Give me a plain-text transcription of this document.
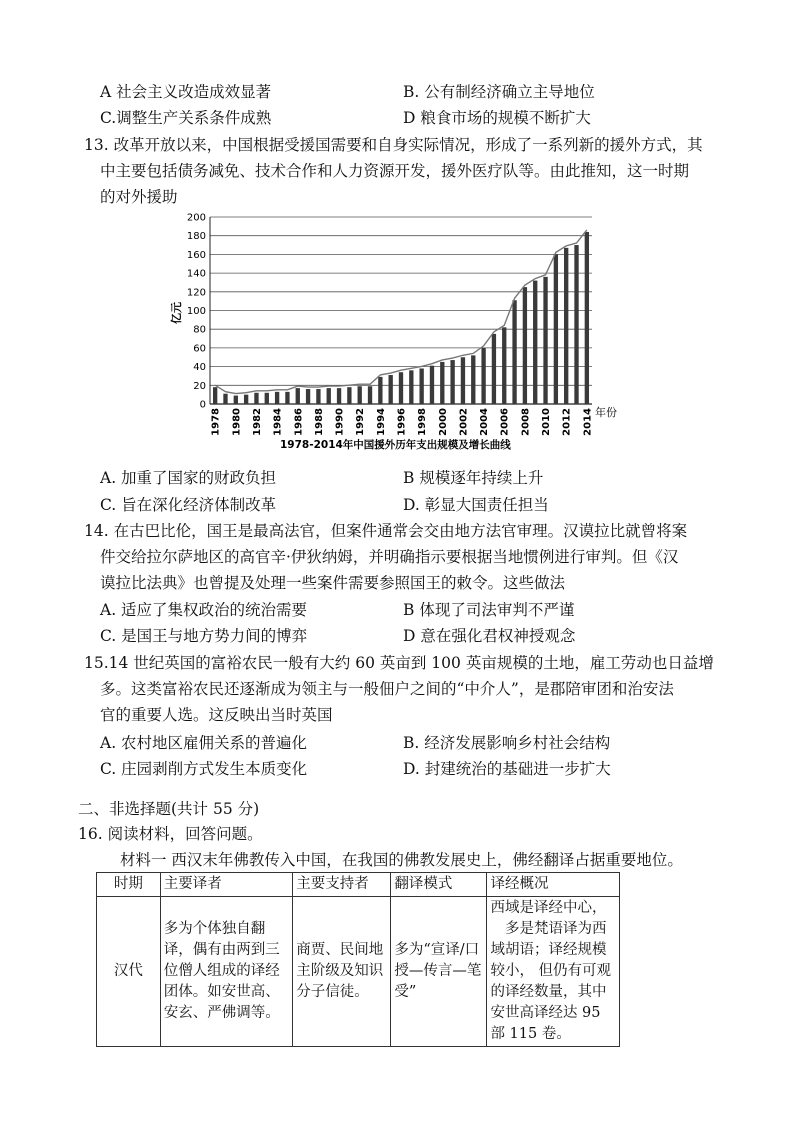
A 社会主义改造成效显著	B. 公有制经济确立主导地位
C.调整生产关系条件成熟	D 粮食市场的规模不断扩大
13. 改革开放以来，中国根据受援国需要和自身实际情况，形成了一系列新的援外方式，其
中主要包括债务减免、技术合作和人力资源开发，援外医疗队等。由此推知，这一时期
的对外援助
0
20
40
60
80
100
120
140
160
180
200
1978 1980 1982 1984 1986 1988 1990 1992 1994 1996 1998 2000 2002 2004 2006 2008 2010 2012 2014
亿元
年份
1978-2014年中国援外历年支出规模及增长曲线
A. 加重了国家的财政负担	B 规模逐年持续上升
C. 旨在深化经济体制改革	D. 彰显大国责任担当
14. 在古巴比伦，国王是最高法官，但案件通常会交由地方法官审理。汉谟拉比就曾将案
件交给拉尔萨地区的高官辛·伊狄纳姆，并明确指示要根据当地惯例进行审判。但《汉
谟拉比法典》也曾提及处理一些案件需要参照国王的敕令。这些做法
A. 适应了集权政治的统治需要	B 体现了司法审判不严谨
C. 是国王与地方势力间的博弈	D 意在强化君权神授观念
15.14 世纪英国的富裕农民一般有大约 60 英亩到 100 英亩规模的土地，雇工劳动也日益增
多。这类富裕农民还逐渐成为领主与一般佃户之间的“中介人”，是郡陪审团和治安法
官的重要人选。这反映出当时英国
A. 农村地区雇佣关系的普遍化	B. 经济发展影响乡村社会结构
C. 庄园剥削方式发生本质变化	D. 封建统治的基础进一步扩大
二、非选择题(共计 55 分)
16. 阅读材料，回答问题。
材料一 西汉末年佛教传入中国，在我国的佛教发展史上，佛经翻译占据重要地位。
时期	主要译者	主要支持者	翻译模式	译经概况
汉代	多为个体独自翻译，偶有由两到三位僧人组成的译经团体。如安世高、安玄、严佛调等。	商贾、民间地主阶级及知识分子信徒。	多为“宣译/口授—传言—笔受”	西域是译经中心，
多是梵语译为西域胡语；译经规模较小， 但仍有可观的译经数量，其中安世高译经达 95 部 115 卷。
